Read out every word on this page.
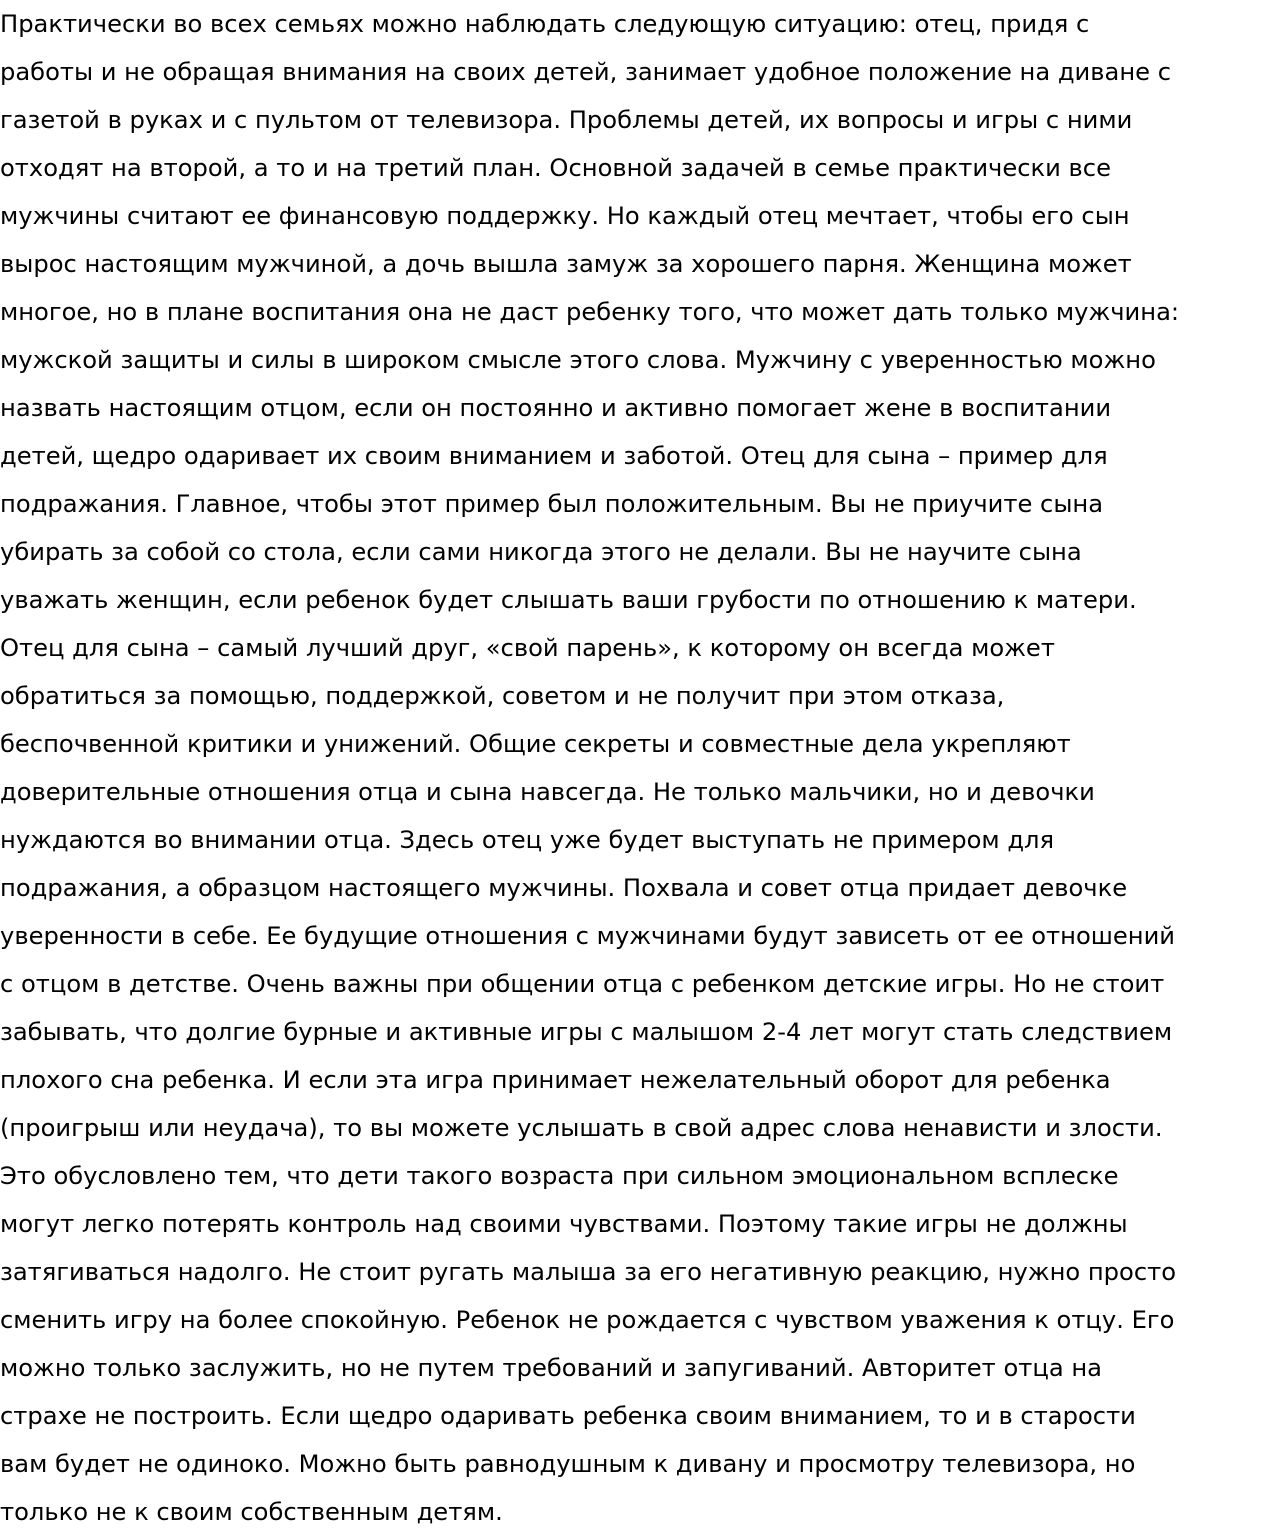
Практически во всех семьях можно наблюдать следующую ситуацию: отец, придя с
работы и не обращая внимания на своих детей, занимает удобное положение на диване с
газетой в руках и с пультом от телевизора. Проблемы детей, их вопросы и игры с ними
отходят на второй, а то и на третий план. Основной задачей в семье практически все
мужчины считают ее финансовую поддержку. Но каждый отец мечтает, чтобы его сын
вырос настоящим мужчиной, а дочь вышла замуж за хорошего парня. Женщина может
многое, но в плане воспитания она не даст ребенку того, что может дать только мужчина:
мужской защиты и силы в широком смысле этого слова. Мужчину с уверенностью можно
назвать настоящим отцом, если он постоянно и активно помогает жене в воспитании
детей, щедро одаривает их своим вниманием и заботой. Отец для сына – пример для
подражания. Главное, чтобы этот пример был положительным. Вы не приучите сына
убирать за собой со стола, если сами никогда этого не делали. Вы не научите сына
уважать женщин, если ребенок будет слышать ваши грубости по отношению к матери.
Отец для сына – самый лучший друг, «свой парень», к которому он всегда может
обратиться за помощью, поддержкой, советом и не получит при этом отказа,
беспочвенной критики и унижений. Общие секреты и совместные дела укрепляют
доверительные отношения отца и сына навсегда. Не только мальчики, но и девочки
нуждаются во внимании отца. Здесь отец уже будет выступать не примером для
подражания, а образцом настоящего мужчины. Похвала и совет отца придает девочке
уверенности в себе. Ее будущие отношения с мужчинами будут зависеть от ее отношений
с отцом в детстве. Очень важны при общении отца с ребенком детские игры. Но не стоит
забывать, что долгие бурные и активные игры с малышом 2-4 лет могут стать следствием
плохого сна ребенка. И если эта игра принимает нежелательный оборот для ребенка
(проигрыш или неудача), то вы можете услышать в свой адрес слова ненависти и злости.
Это обусловлено тем, что дети такого возраста при сильном эмоциональном всплеске
могут легко потерять контроль над своими чувствами. Поэтому такие игры не должны
затягиваться надолго. Не стоит ругать малыша за его негативную реакцию, нужно просто
сменить игру на более спокойную. Ребенок не рождается с чувством уважения к отцу. Его
можно только заслужить, но не путем требований и запугиваний. Авторитет отца на
страхе не построить. Если щедро одаривать ребенка своим вниманием, то и в старости
вам будет не одиноко. Можно быть равнодушным к дивану и просмотру телевизора, но
только не к своим собственным детям.
